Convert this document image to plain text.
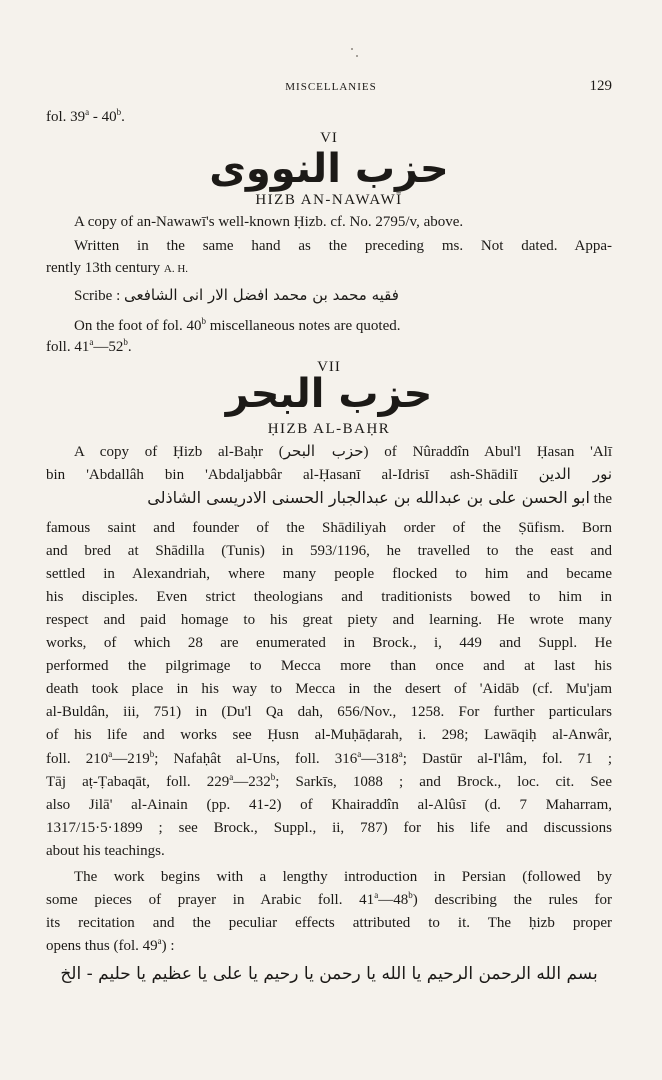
MISCELLANIES	129
fol. 39$^a$ - 40$^b$.
VI
حزب النووى
HIZB AN-NAWAWĪ
A copy of an-Nawawī's well-known Ḥizb. cf. No. 2795/v, above.
Written in the same hand as the preceding ms. Not dated. Appa-
rently 13th century A. H.
Scribe : فقيه محمد بن محمد افضل الار انى الشافعى
On the foot of fol. 40$^b$ miscellaneous notes are quoted.
foll. 41$^a$—52$^b$.
VII
حزب البحر
ḤIZB AL-BAḤR
A copy of Ḥizb al-Baḥr (حزب البحر) of Nûraddîn Abul'l Ḥasan 'Alī
bin 'Abdallâh bin 'Abdaljabbâr al-Ḥasanī al-Idrisī ash-Shādilī نور الدين
ابو الحسن على بن عبدالله بن عبدالجبار الحسنى الادريسى الشاذلى the
famous saint and founder of the Shādiliyah order of the Ṣūfism. Born
and bred at Shādilla (Tunis) in 593/1196, he travelled to the east and
settled in Alexandriah, where many people flocked to him and became
his disciples. Even strict theologians and traditionists bowed to him in
respect and paid homage to his great piety and learning. He wrote many
works, of which 28 are enumerated in Brock., i, 449 and Suppl. He
performed the pilgrimage to Mecca more than once and at last his
death took place in his way to Mecca in the desert of 'Aidāb (cf. Mu'jam
al-Buldân, iii, 751) in (Du'l Qa dah, 656/Nov., 1258. For further particulars
of his life and works see Ḥusn al-Muḥāḍarah, i. 298; Lawāqiḥ al-Anwâr,
foll. 210$^a$—219$^b$; Nafaḥât al-Uns, foll. 316$^a$—318$^a$; Dastūr al-I'lâm, fol. 71 ;
Tāj aṭ-Ṭabaqāt, foll. 229$^a$—232$^b$; Sarkīs, 1088 ; and Brock., loc. cit. See
also Jilā' al-Ainain (pp. 41-2) of Khairaddîn al-Alûsī (d. 7 Maharram,
1317/15·5·1899 ; see Brock., Suppl., ii, 787) for his life and discussions
about his teachings.
The work begins with a lengthy introduction in Persian (followed by
some pieces of prayer in Arabic foll. 41$^a$—48$^b$) describing the rules for
its recitation and the peculiar effects attributed to it. The ḥizb proper
opens thus (fol. 49$^a$) :
بسم الله الرحمن الرحيم يا الله يا رحمن يا رحيم يا على يا عظيم يا حليم - الخ
